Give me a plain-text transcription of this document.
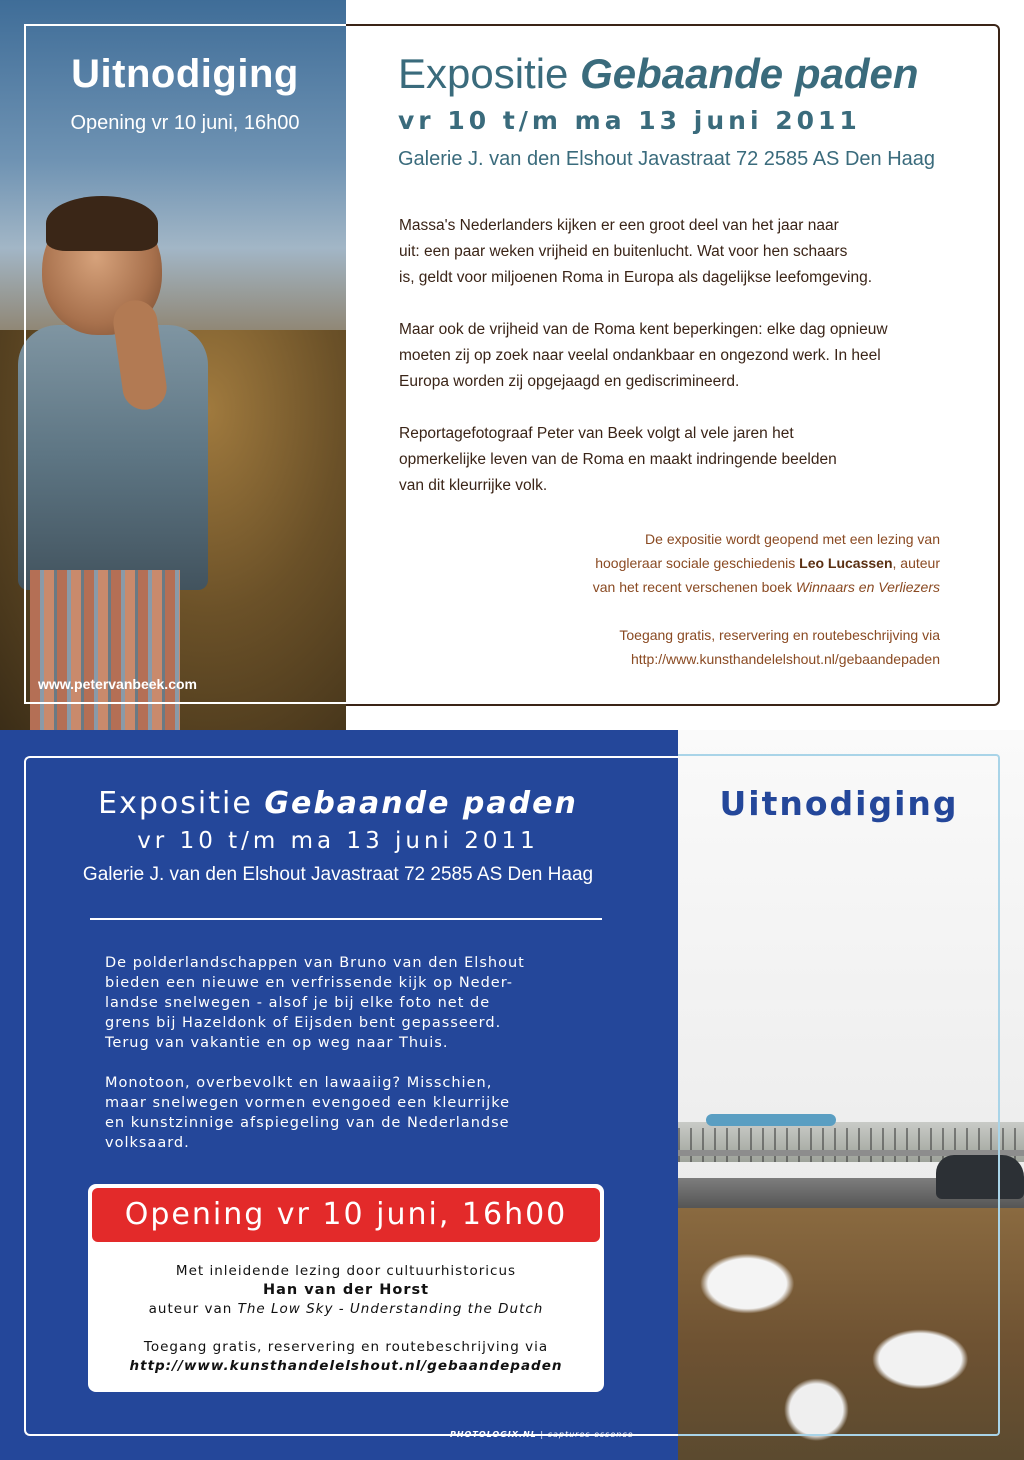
Uitnodiging
Opening vr 10 juni, 16h00
www.petervanbeek.com
Expositie Gebaande paden
vr 10 t/m ma 13 juni 2011
Galerie J. van den Elshout Javastraat 72 2585 AS Den Haag

Massa's Nederlanders kijken er een groot deel van het jaar naar
uit: een paar weken vrijheid en buitenlucht. Wat voor hen schaars
is, geldt voor miljoenen Roma in Europa als dagelijkse leefomgeving.

Maar ook de vrijheid van de Roma kent beperkingen: elke dag opnieuw
moeten zij op zoek naar veelal ondankbaar en ongezond werk. In heel
Europa worden zij opgejaagd en gediscrimineerd.

Reportagefotograaf Peter van Beek volgt al vele jaren het
opmerkelijke leven van de Roma en maakt indringende beelden
van dit kleurrijke volk.

De expositie wordt geopend met een lezing van
hoogleraar sociale geschiedenis Leo Lucassen, auteur
van het recent verschenen boek Winnaars en Verliezers

Toegang gratis, reservering en routebeschrijving via
http://www.kunsthandelelshout.nl/gebaandepaden

Uitnodiging
Expositie Gebaande paden
vr 10 t/m ma 13 juni 2011
Galerie J. van den Elshout Javastraat 72 2585 AS Den Haag

De polderlandschappen van Bruno van den Elshout
bieden een nieuwe en verfrissende kijk op Neder-
landse snelwegen - alsof je bij elke foto net de
grens bij Hazeldonk of Eijsden bent gepasseerd.
Terug van vakantie en op weg naar Thuis.

Monotoon, overbevolkt en lawaaiig? Misschien,
maar snelwegen vormen evengoed een kleurrijke
en kunstzinnige afspiegeling van de Nederlandse
volksaard.

Opening vr 10 juni, 16h00
Met inleidende lezing door cultuurhistoricus
Han van der Horst
auteur van The Low Sky - Understanding the Dutch

Toegang gratis, reservering en routebeschrijving via
http://www.kunsthandelelshout.nl/gebaandepaden
PHOTOLOGIX.NL | captures essence
